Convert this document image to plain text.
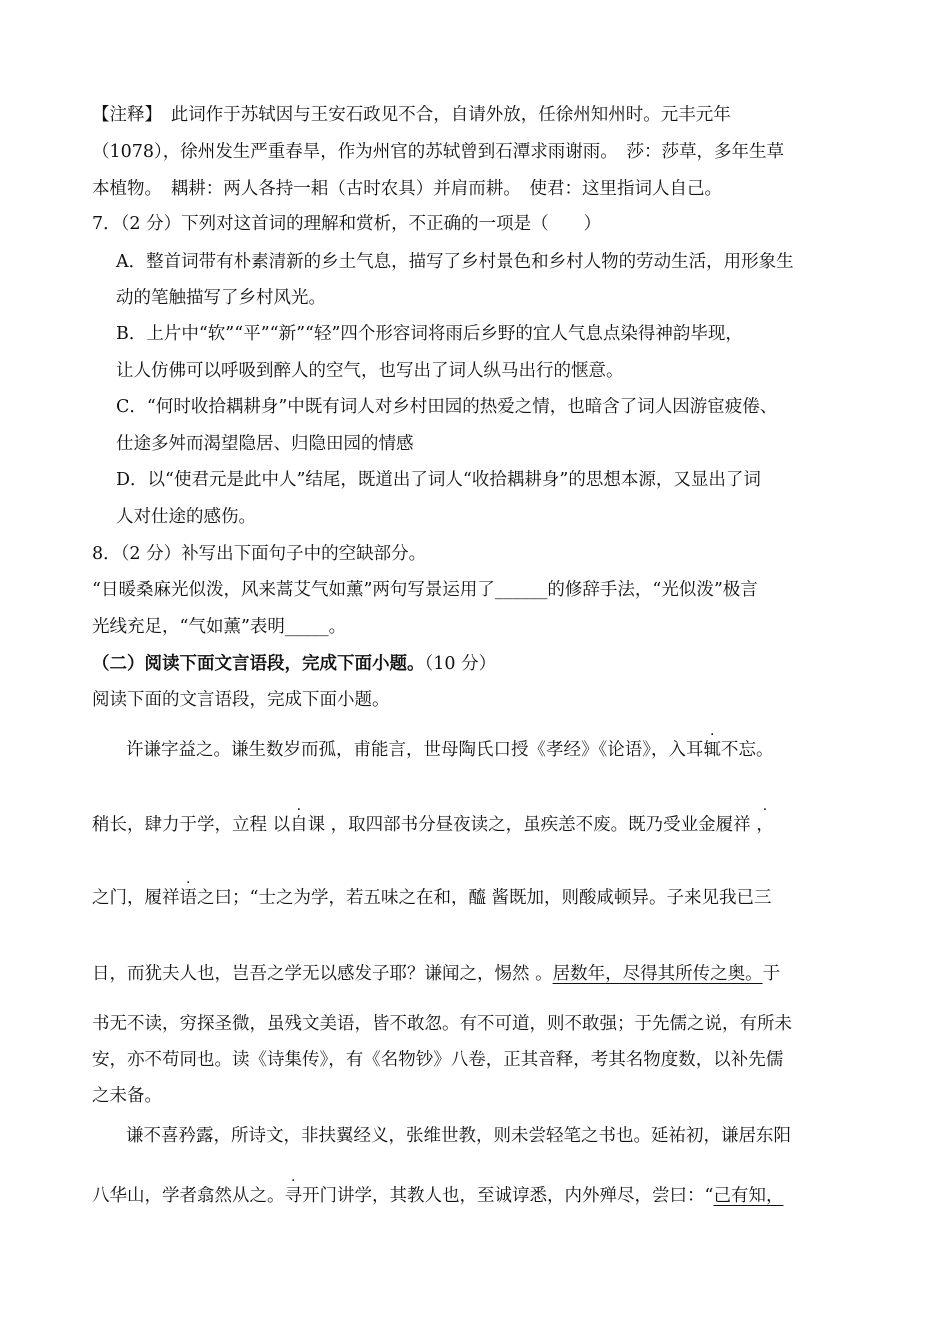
【注释】　此词作于苏轼因与王安石政见不合，自请外放，任徐州知州时。元丰元年
（1078），徐州发生严重春旱，作为州官的苏轼曾到石潭求雨谢雨。　莎：莎草，多年生草
本植物。　耦耕：两人各持一耜（古时农具）并肩而耕。　使君：这里指词人自己。
7．（2 分）下列对这首词的理解和赏析，不正确的一项是（　　）
A．整首词带有朴素清新的乡土气息，描写了乡村景色和乡村人物的劳动生活，用形象生
动的笔触描写了乡村风光。
B．上片中“软”“平”“新”“轻”四个形容词将雨后乡野的宜人气息点染得神韵毕现，
让人仿佛可以呼吸到醉人的空气，也写出了词人纵马出行的惬意。
C．“何时收拾耦耕身”中既有词人对乡村田园的热爱之情，也暗含了词人因游宦疲倦、
仕途多舛而渴望隐居、归隐田园的情感
D．以“使君元是此中人”结尾，既道出了词人“收拾耦耕身”的思想本源，又显出了词
人对仕途的感伤。
8．（2 分）补写出下面句子中的空缺部分。
“日暖桑麻光似泼，风来蒿艾气如薰”两句写景运用了______的修辞手法，“光似泼”极言
光线充足，“气如薰”表明_____。
（二）阅读下面文言语段，完成下面小题。（10 分）
阅读下面的文言语段，完成下面小题。
许谦字益之。谦生数岁而孤，甫能言，世母陶氏口授《孝经》《论语》，入耳辄不忘。
稍长，肆力于学，立程 以自课 ，取四部书分昼夜读之，虽疾恙不废。既乃受业金履祥 · ，
之门，履祥语之曰；“士之为学，若五味之在和，醯 酱既加，则酸咸顿异。子来见我已三
日，而犹夫人也，岂吾之学无以感发子耶？谦闻之，惕然 。居数年，尽得其所传之奥。于
书无不读，穷探圣微，虽残文美语，皆不敢忽。有不可道，则不敢强；于先儒之说，有所未
安，亦不苟同也。读《诗集传》，有《名物钞》八卷，正其音释，考其名物度数，以补先儒
之未备。
谦不喜矜露，所诗文，非扶翼经义，张维世教，则未尝轻笔之书也。延祐初，谦居东阳
八华山，学者翕然从之。寻开门讲学，其教人也，至诚谆悉，内外殚尽，尝曰：“己有知，
